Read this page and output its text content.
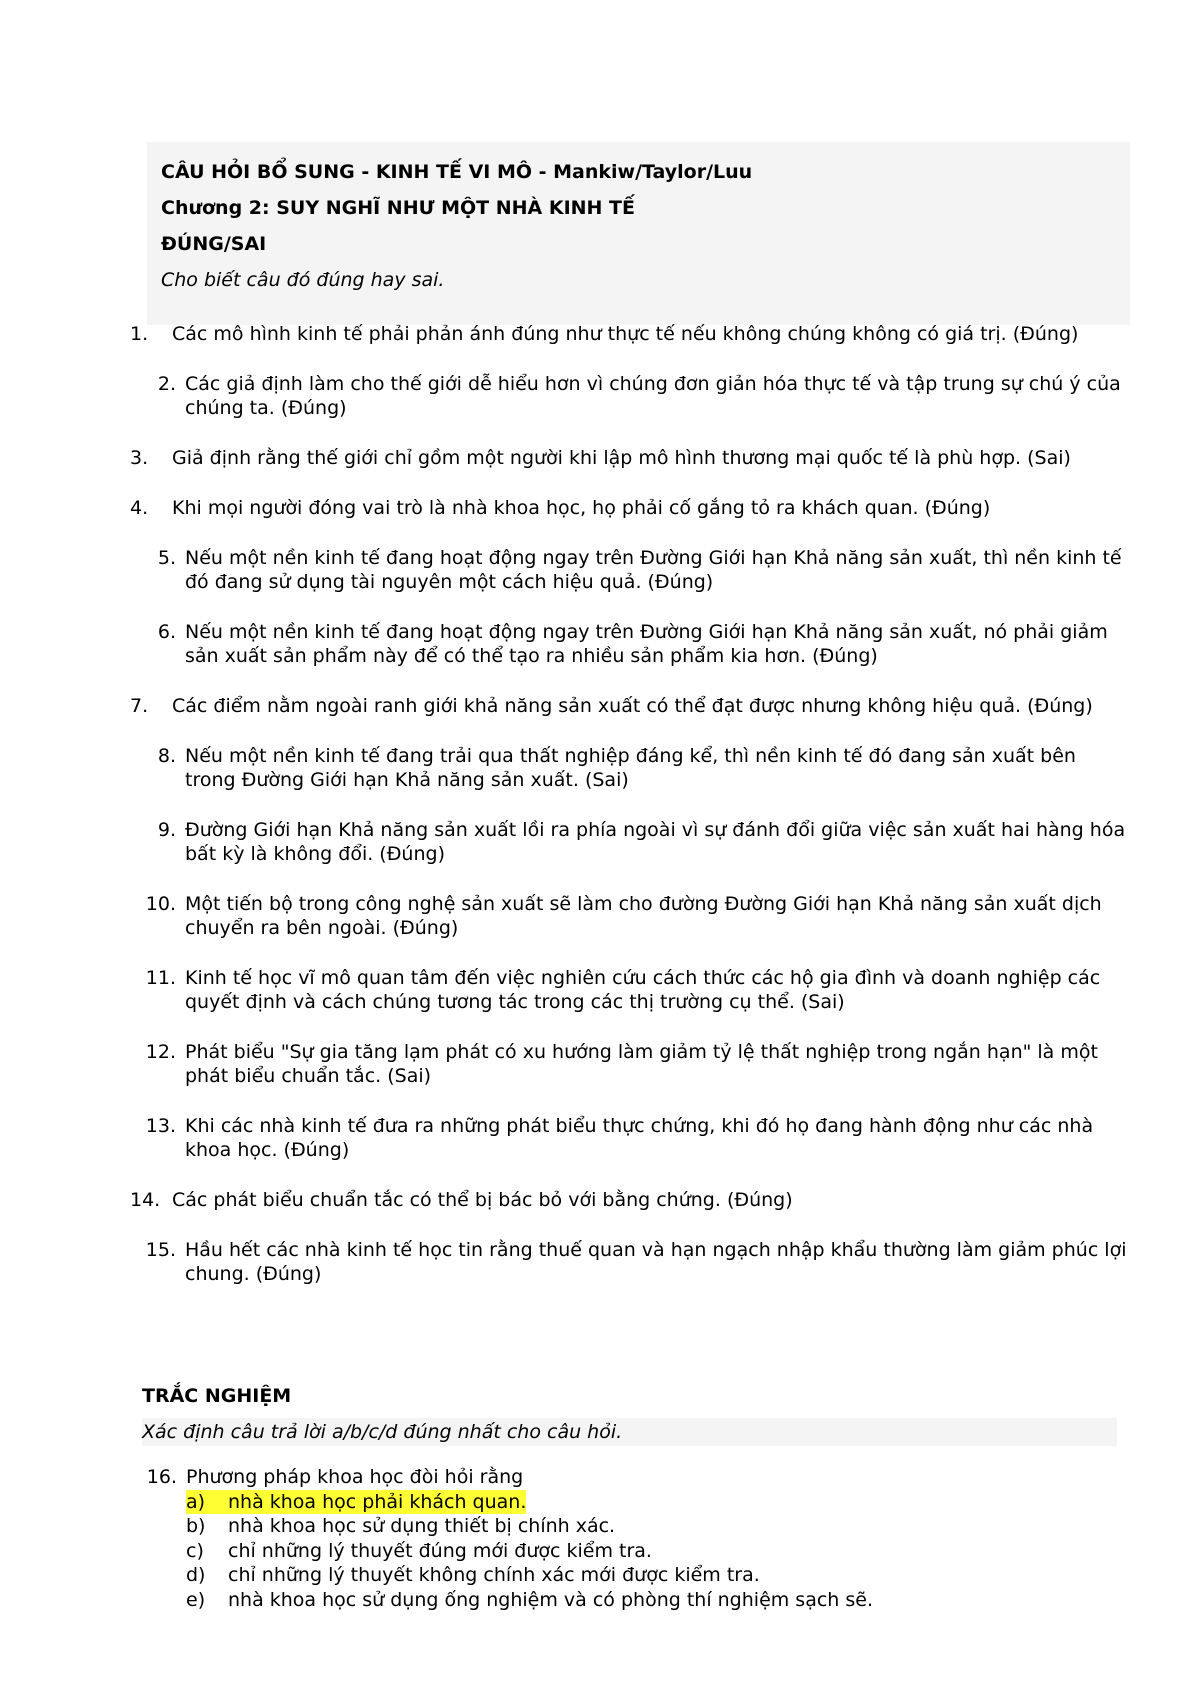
CÂU HỎI BỔ SUNG - KINH TẾ VI MÔ - Mankiw/Taylor/Luu
Chương 2: SUY NGHĨ NHƯ MỘT NHÀ KINH TẾ
ĐÚNG/SAI
Cho biết câu đó đúng hay sai.
1.	Các mô hình kinh tế phải phản ánh đúng như thực tế nếu không chúng không có giá trị. (Đúng)
2. Các giả định làm cho thế giới dễ hiểu hơn vì chúng đơn giản hóa thực tế và tập trung sự chú ý của chúng ta. (Đúng)
3.	Giả định rằng thế giới chỉ gồm một người khi lập mô hình thương mại quốc tế là phù hợp. (Sai)
4.	Khi mọi người đóng vai trò là nhà khoa học, họ phải cố gắng tỏ ra khách quan. (Đúng)
5. Nếu một nền kinh tế đang hoạt động ngay trên Đường Giới hạn Khả năng sản xuất, thì nền kinh tế đó đang sử dụng tài nguyên một cách hiệu quả. (Đúng)
6. Nếu một nền kinh tế đang hoạt động ngay trên Đường Giới hạn Khả năng sản xuất, nó phải giảm sản xuất sản phẩm này để có thể tạo ra nhiều sản phẩm kia hơn. (Đúng)
7.	Các điểm nằm ngoài ranh giới khả năng sản xuất có thể đạt được nhưng không hiệu quả. (Đúng)
8. Nếu một nền kinh tế đang trải qua thất nghiệp đáng kể, thì nền kinh tế đó đang sản xuất bên trong Đường Giới hạn Khả năng sản xuất. (Sai)
9. Đường Giới hạn Khả năng sản xuất lồi ra phía ngoài vì sự đánh đổi giữa việc sản xuất hai hàng hóa bất kỳ là không đổi. (Đúng)
10. Một tiến bộ trong công nghệ sản xuất sẽ làm cho đường Đường Giới hạn Khả năng sản xuất dịch chuyển ra bên ngoài. (Đúng)
11. Kinh tế học vĩ mô quan tâm đến việc nghiên cứu cách thức các hộ gia đình và doanh nghiệp các quyết định và cách chúng tương tác trong các thị trường cụ thể. (Sai)
12. Phát biểu "Sự gia tăng lạm phát có xu hướng làm giảm tỷ lệ thất nghiệp trong ngắn hạn" là một phát biểu chuẩn tắc. (Sai)
13. Khi các nhà kinh tế đưa ra những phát biểu thực chứng, khi đó họ đang hành động như các nhà khoa học. (Đúng)
14. Các phát biểu chuẩn tắc có thể bị bác bỏ với bằng chứng. (Đúng)
15. Hầu hết các nhà kinh tế học tin rằng thuế quan và hạn ngạch nhập khẩu thường làm giảm phúc lợi chung. (Đúng)
TRẮC NGHIỆM
Xác định câu trả lời a/b/c/d đúng nhất cho câu hỏi.
16. Phương pháp khoa học đòi hỏi rằng
a)	nhà khoa học phải khách quan.
b)	nhà khoa học sử dụng thiết bị chính xác.
c)	chỉ những lý thuyết đúng mới được kiểm tra.
d)	chỉ những lý thuyết không chính xác mới được kiểm tra.
e)	nhà khoa học sử dụng ống nghiệm và có phòng thí nghiệm sạch sẽ.
